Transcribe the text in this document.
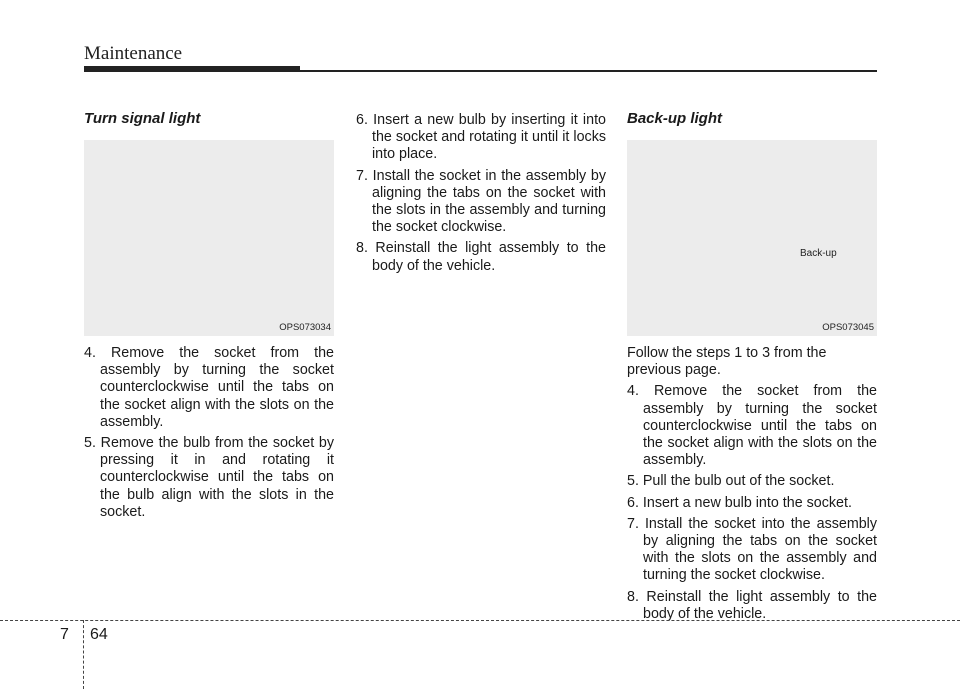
Maintenance
Turn signal light
OPS073034
4. Remove the socket from the assembly by turning the socket counterclockwise until the tabs on the socket align with the slots on the assembly.
5. Remove the bulb from the socket by pressing it in and rotating it counterclockwise until the tabs on the bulb align with the slots in the socket.
6. Insert a new bulb by inserting it into the socket and rotating it until it locks into place.
7. Install the socket in the assembly by aligning the tabs on the socket with the slots in the assembly and turning the socket clockwise.
8. Reinstall the light assembly to the body of the vehicle.
Back-up light
Back-up
OPS073045
Follow the steps 1 to 3 from the previous page.
4. Remove the socket from the assembly by turning the socket counterclockwise until the tabs on the socket align with the slots on the assembly.
5. Pull the bulb out of the socket.
6. Insert a new bulb into the socket.
7. Install the socket into the assembly by aligning the tabs on the socket with the slots on the assembly and turning the socket clockwise.
8. Reinstall the light assembly to the body of the vehicle.
7 64
